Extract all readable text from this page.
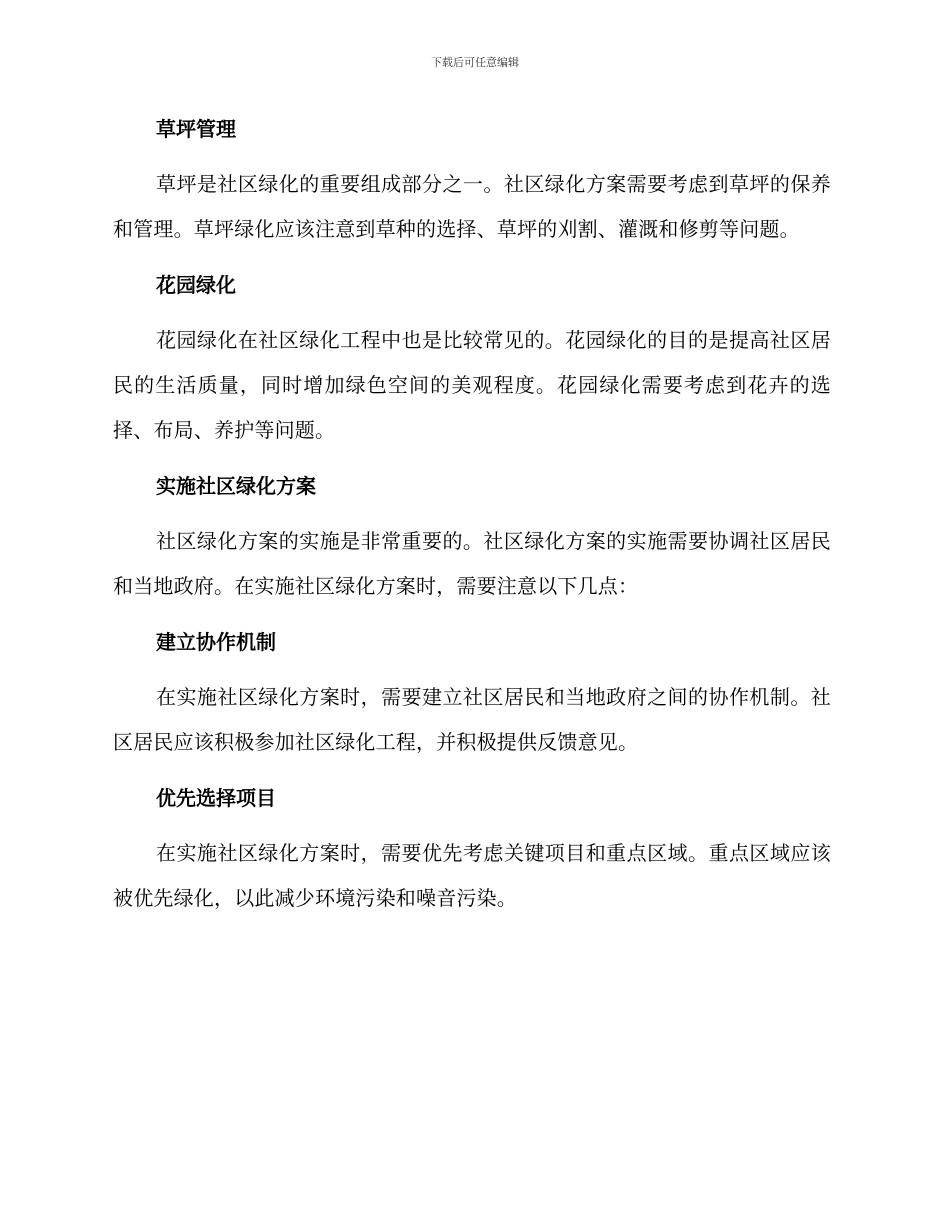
下载后可任意编辑
草坪管理

草坪是社区绿化的重要组成部分之一。社区绿化方案需要考虑到草坪的保养和管理。草坪绿化应该注意到草种的选择、草坪的刈割、灌溉和修剪等问题。

花园绿化

花园绿化在社区绿化工程中也是比较常见的。花园绿化的目的是提高社区居民的生活质量，同时增加绿色空间的美观程度。花园绿化需要考虑到花卉的选择、布局、养护等问题。

实施社区绿化方案

社区绿化方案的实施是非常重要的。社区绿化方案的实施需要协调社区居民和当地政府。在实施社区绿化方案时，需要注意以下几点：

建立协作机制

在实施社区绿化方案时，需要建立社区居民和当地政府之间的协作机制。社区居民应该积极参加社区绿化工程，并积极提供反馈意见。

优先选择项目

在实施社区绿化方案时，需要优先考虑关键项目和重点区域。重点区域应该被优先绿化，以此减少环境污染和噪音污染。
